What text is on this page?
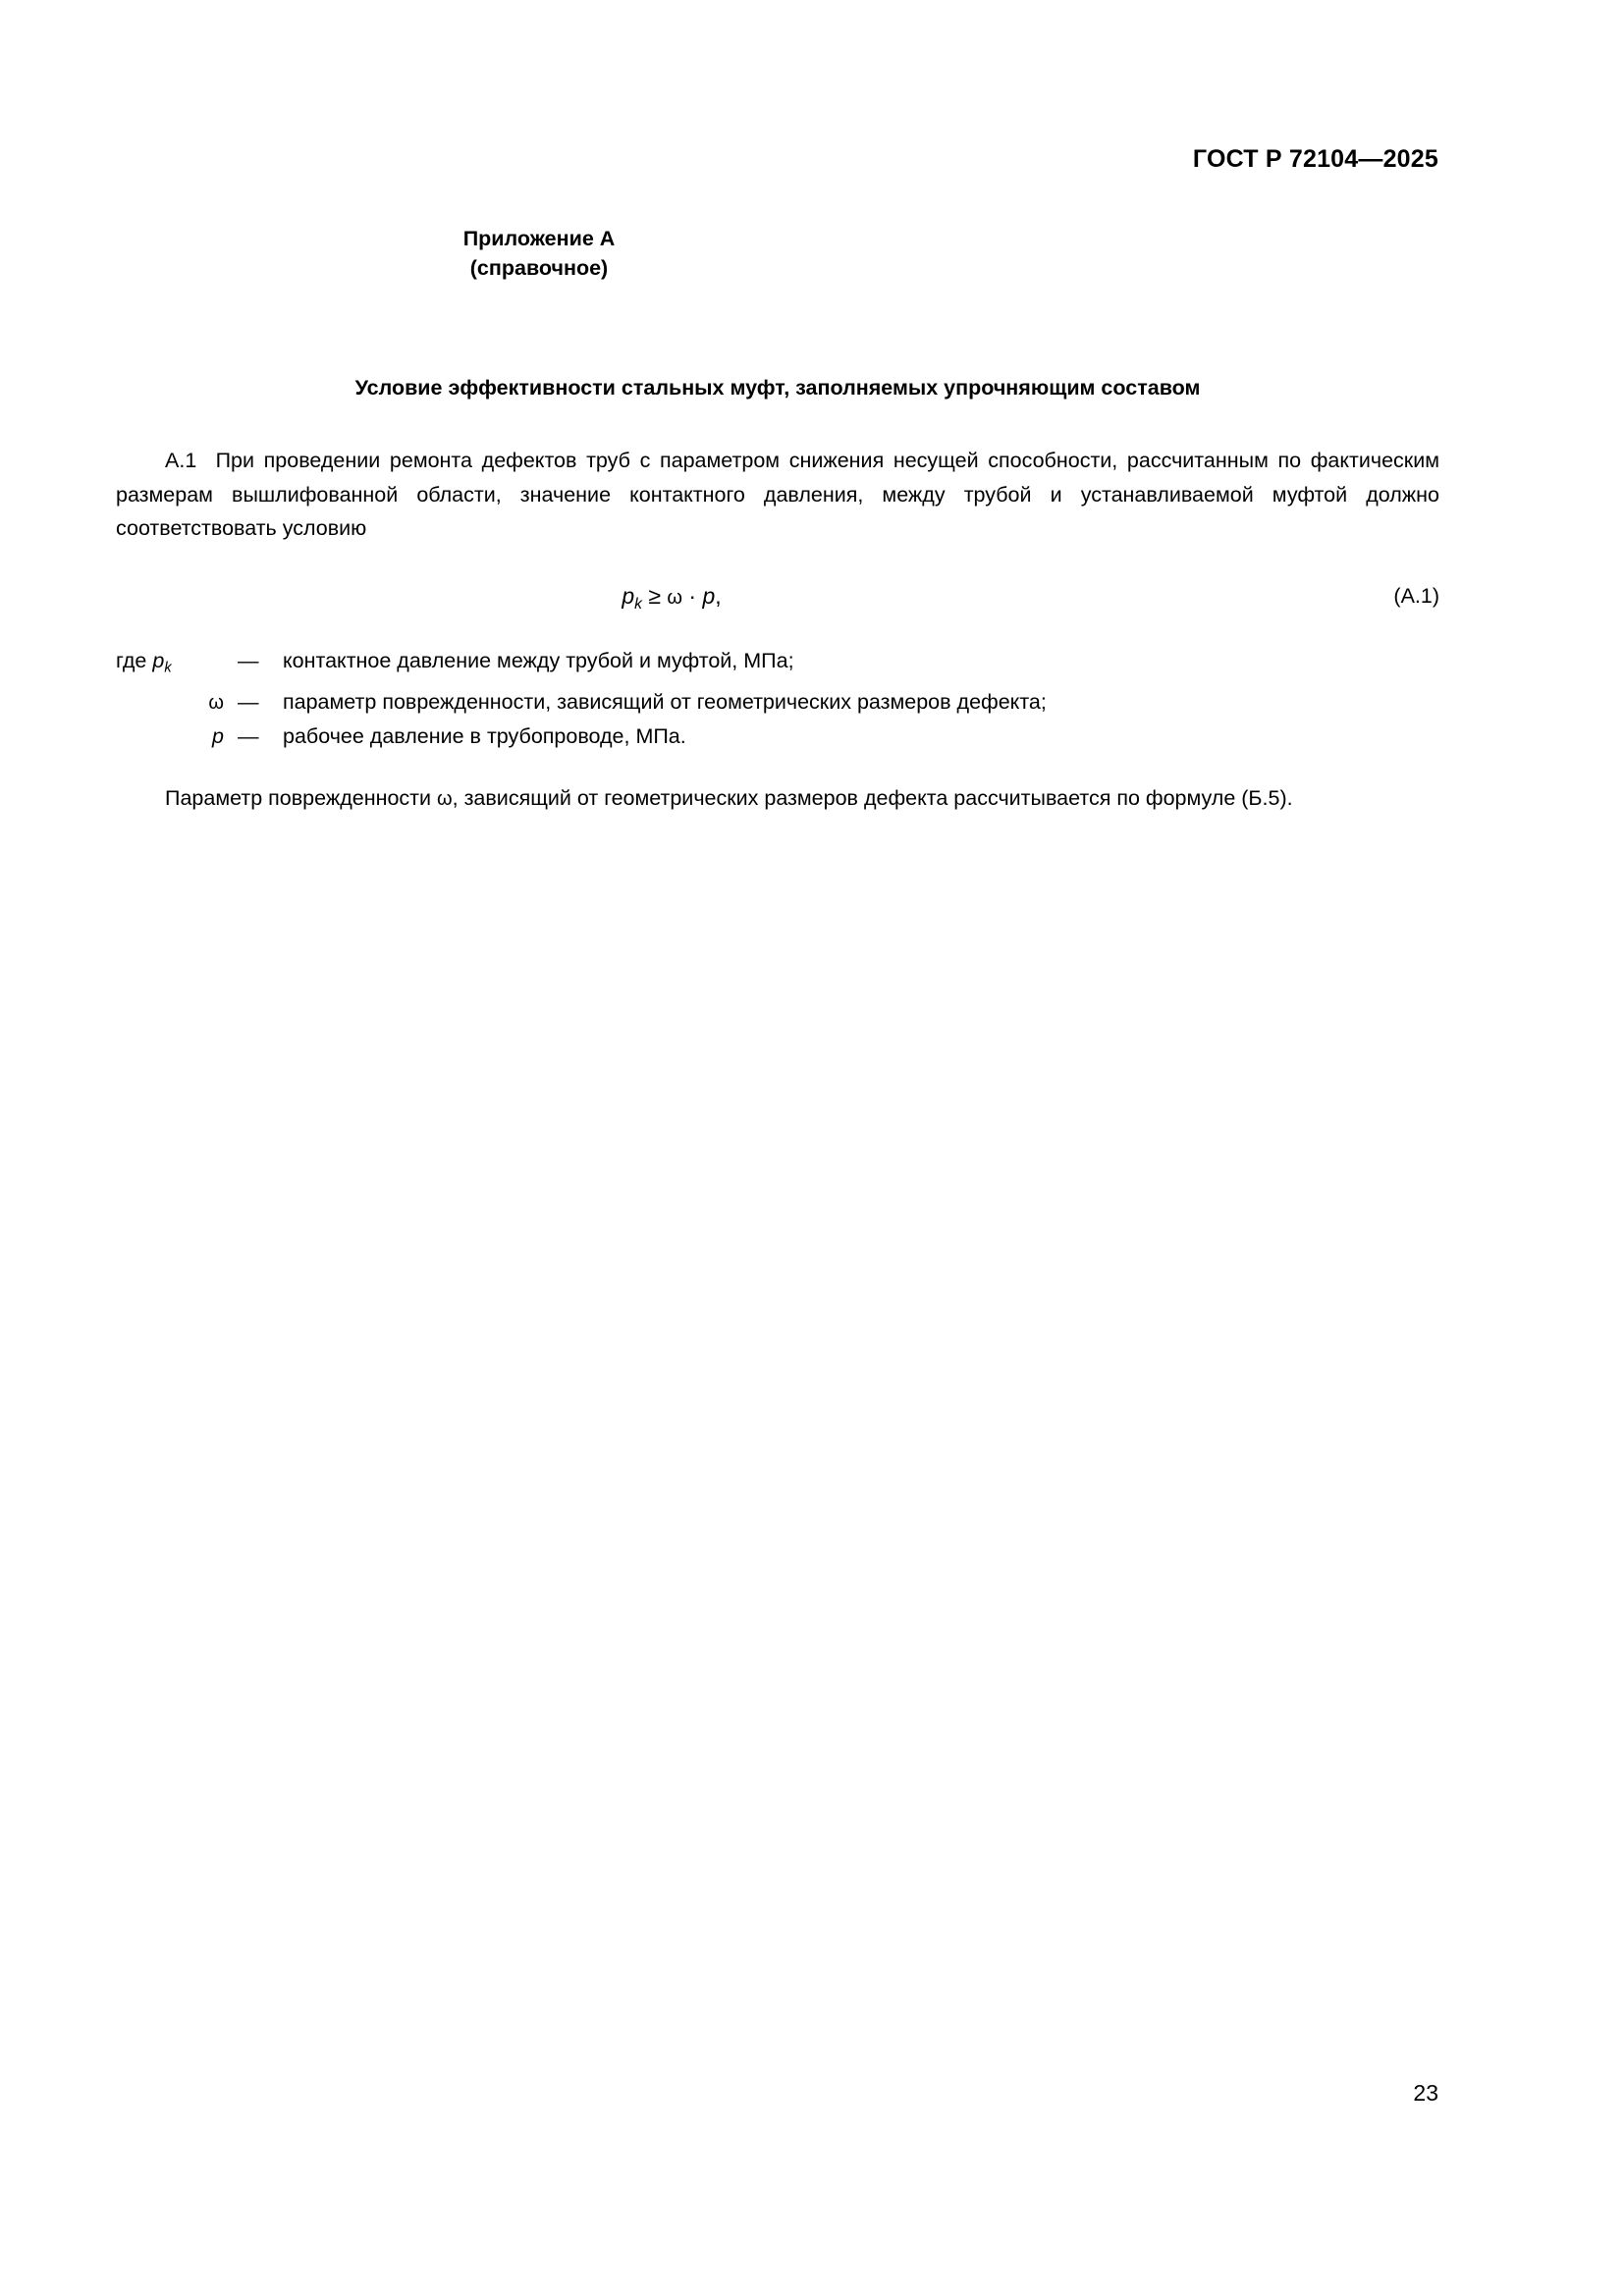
ГОСТ Р 72104—2025
Приложение А
(справочное)
Условие эффективности стальных муфт, заполняемых упрочняющим составом

А.1 При проведении ремонта дефектов труб с параметром снижения несущей способности, рассчитанным по фактическим размерам вышлифованной области, значение контактного давления, между трубой и устанавливаемой муфтой должно соответствовать условию

$p_k \ge \omega \cdot p$,	(А.1)
где $p_k$	—	контактное давление между трубой и муфтой, МПа;
ω —	параметр поврежденности, зависящий от геометрических размеров дефекта;
p —	рабочее давление в трубопроводе, МПа.

Параметр поврежденности ω, зависящий от геометрических размеров дефекта рассчитывается по формуле (Б.5).

23
